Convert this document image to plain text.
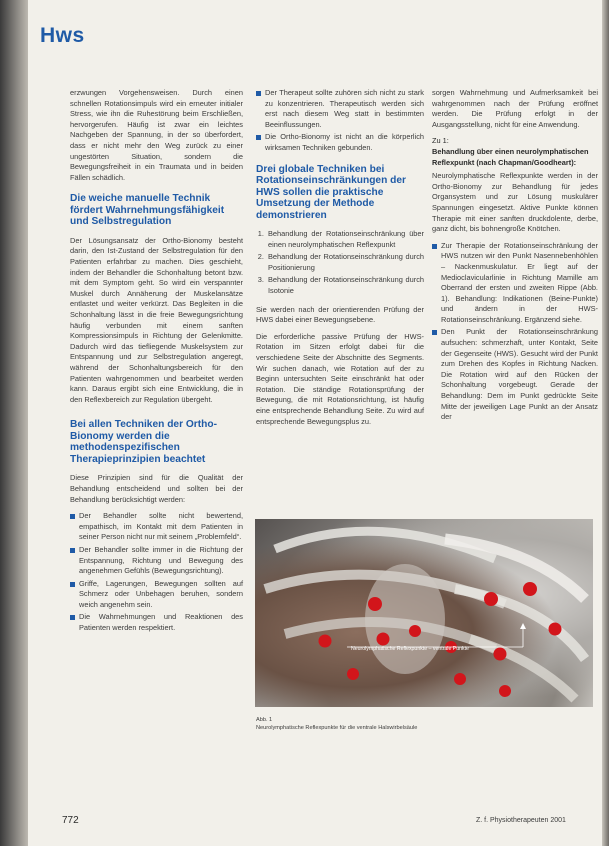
Hws

erzwungen Vorgehensweisen. Durch einen schnellen Rotationsimpuls wird ein erneuter initialer Stress, wie ihn die Ruhestörung beim Erschließen, hervorgerufen. Häufig ist zwar ein leichtes Nachgeben der Spannung, in der so überfordert, dass er nicht mehr den Weg zurück zu einer ungestörten Situation, sondern die Bewegungsfreiheit in ein Traumata und in beiden Fällen schädlich.

Die weiche manuelle Technik fördert Wahrnehmungsfähigkeit und Selbstregulation

Der Lösungsansatz der Ortho-Bionomy besteht darin, den Ist-Zustand der Selbstregulation für den Patienten erfahrbar zu machen. Dies geschieht, indem der Behandler die Schonhaltung betont bzw. mit dem Symptom geht. So wird ein verspannter Muskel durch Annäherung der Muskelansätze entlastet und weiter verkürzt. Das Begleiten in die Schonhaltung lässt in die freie Bewegungsrichtung häufig verbunden mit einem sanften Kompressionsimpuls in Richtung der Gelenkmitte. Dadurch wird das tiefliegende Muskelsystem zur Entspannung und zur Selbstregulation angeregt, während der Schonhaltungsbereich für den Patienten wahrgenommen und bearbeitet werden kann. Daraus ergibt sich eine Entwicklung, die in den Reflexbereich zur Regulation übergeht.

Bei allen Techniken der Ortho-Bionomy werden die methodenspezifischen Therapieprinzipien beachtet

Diese Prinzipien sind für die Qualität der Behandlung entscheidend und sollten bei der Behandlung berücksichtigt werden:

Der Behandler sollte nicht bewertend, empathisch, im Kontakt mit dem Patienten in seiner Person nicht nur mit seinem „Problemfeld“.
Der Behandler sollte immer in die Richtung der Entspannung, Richtung und Bewegung des angenehmen Gefühls (Bewegungsrichtung).
Griffe, Lagerungen, Bewegungen sollten auf Schmerz oder Unbehagen beruhen, sondern weich angenehm sein.
Die Wahrnehmungen und Reaktionen des Patienten werden respektiert.
Der Therapeut sollte zuhören sich nicht zu stark zu konzentrieren. Therapeutisch werden sich erst nach diesem Weg statt in bestimmten Beeinflussungen.
Die Ortho-Bionomy ist nicht an die körperlich wirksamen Techniken gebunden.
Drei globale Techniken bei Rotationseinschränkungen der HWS sollen die praktische Umsetzung der Methode demonstrieren
1. Behandlung der Rotationseinschränkung über einen neurolymphatischen Reflexpunkt
2. Behandlung der Rotationseinschränkung durch Positionierung
3. Behandlung der Rotationseinschränkung durch Isotonie

Sie werden nach der orientierenden Prüfung der HWS dabei einer Bewegungsebene.

Die erforderliche passive Prüfung der HWS-Rotation im Sitzen erfolgt dabei für die verschiedene Seite der Abschnitte des Segments. Wir suchen danach, wie Rotation auf der zu Beginn untersuchten Seite einschränkt hat oder Rotation. Die ständige Rotationsprüfung der Bewegung, die mit Rotationsrichtung, ist häufig eine entsprechende Behandlung Seite. Zu wird auf entsprechende Bewegungsplus zu.

sorgen Wahrnehmung und Aufmerksamkeit bei wahrgenommen nach der Prüfung eröffnet werden. Die Prüfung erfolgt in der Ausgangsstellung, nicht für eine Anwendung.

Zu 1:
Behandlung über einen neurolymphatischen Reflexpunkt (nach Chapman/Goodheart):

Neurolymphatische Reflexpunkte werden in der Ortho-Bionomy zur Behandlung für jedes Organsystem und zur Lösung muskulärer Spannungen eingesetzt. Aktive Punkte können Therapie mit einer sanften druckdolente, derbe, ganz dicht, bis bohnengroße Knötchen.

Zur Therapie der Rotationseinschränkung der HWS nutzen wir den Punkt Nasennebenhöhlen – Nackenmuskulatur. Er liegt auf der Medioclavicularlinie in Richtung Mamille am Oberrand der ersten und zweiten Rippe (Abb. 1). Behandlung: Indikationen (Beine-Punkte) und ändern in der HWS-Rotationseinschränkung. Ergänzend siehe.
Den Punkt der Rotationseinschränkung aufsuchen: schmerzhaft, unter Kontakt, Seite der Gegenseite (HWS). Gesucht wird der Punkt zum Drehen des Kopfes in Richtung Nacken. Die Rotation wird auf den Rücken der Schonhaltung vorgebeugt. Gerade der Behandlung: Dem im Punkt gedrückte Seite Mitte der jeweiligen Lage Punkt an der Ansatz der
Neurolymphatische Reflexpunkte – ventrale Punkte
Abb. 1
Neurolymphatische Reflexpunkte für die ventrale Halswirbelsäule
772	Z. f. Physiotherapeuten 2001
